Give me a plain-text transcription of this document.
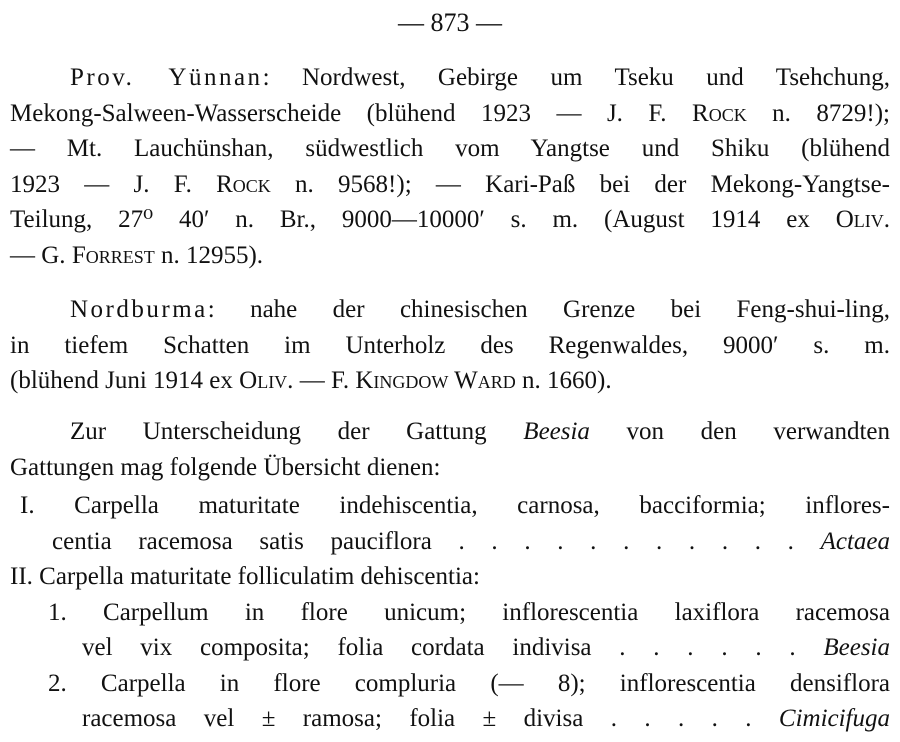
— 873 —
Prov. Yünnan: Nordwest, Gebirge um Tseku und Tsehchung,
Mekong-Salween-Wasserscheide (blühend 1923 — J. F. Rock n. 8729!);
— Mt. Lauchünshan, südwestlich vom Yangtse und Shiku (blühend
1923 — J. F. Rock n. 9568!); — Kari-Paß bei der Mekong-Yangtse-
Teilung, 27⁰ 40′ n. Br., 9000—10000′ s. m. (August 1914 ex Oliv.
— G. Forrest n. 12955).
Nordburma: nahe der chinesischen Grenze bei Feng-shui-ling,
in tiefem Schatten im Unterholz des Regenwaldes, 9000′ s. m.
(blühend Juni 1914 ex Oliv. — F. Kingdow Ward n. 1660).
Zur Unterscheidung der Gattung Beesia von den verwandten
Gattungen mag folgende Übersicht dienen:
I. Carpella maturitate indehiscentia, carnosa, bacciformia; inflores-
centia racemosa satis pauciflora . . . . . . . . . . . Actaea
II. Carpella maturitate folliculatim dehiscentia:
1. Carpellum in flore unicum; inflorescentia laxiflora racemosa
vel vix composita; folia cordata indivisa . . . . . . Beesia
2. Carpella in flore compluria (— 8); inflorescentia densiflora
racemosa vel ± ramosa; folia ± divisa . . . . . Cimicifuga
